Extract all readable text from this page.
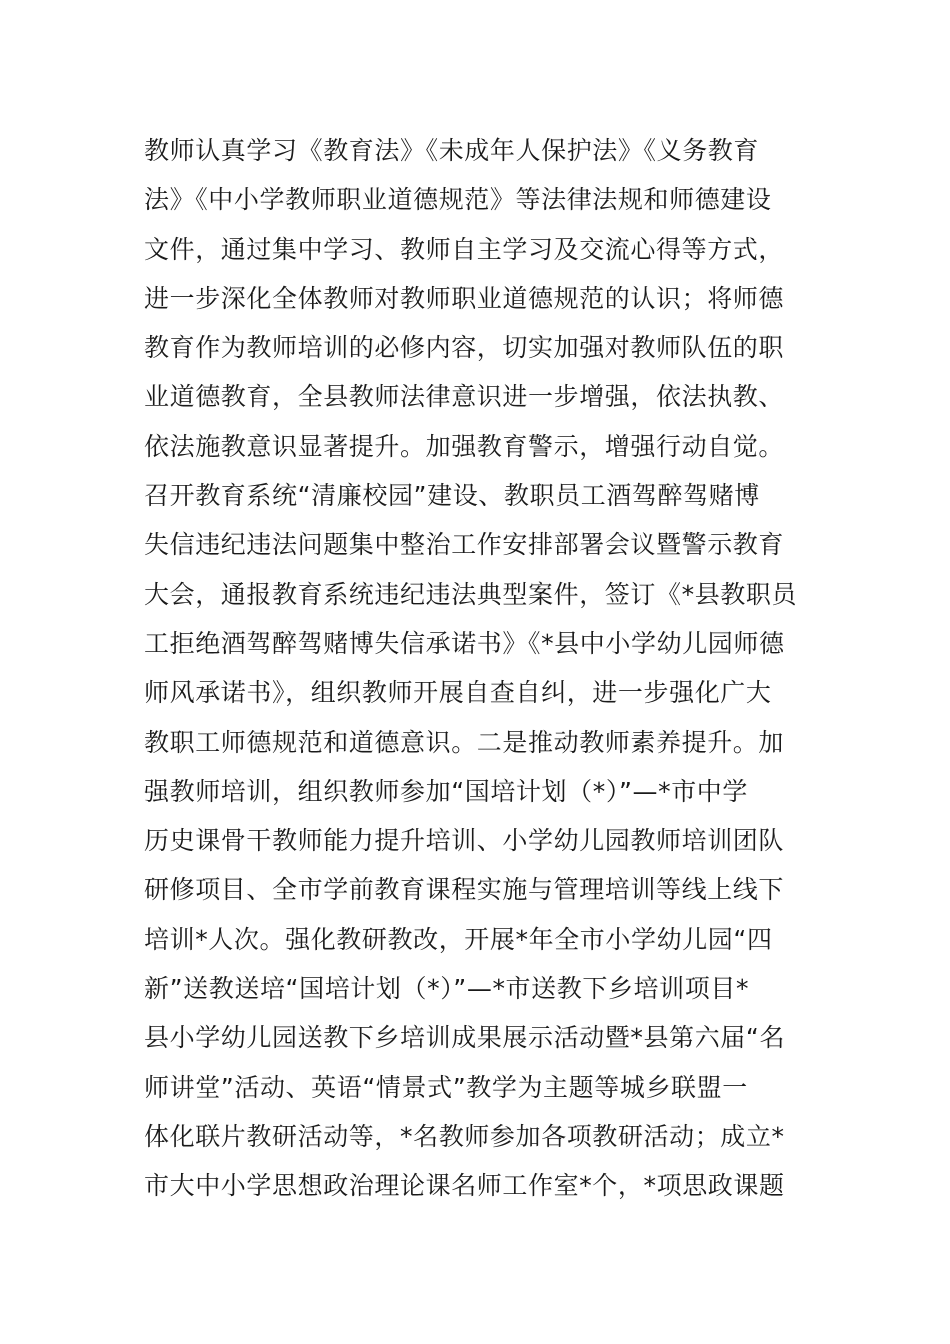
教师认真学习《教育法》《未成年人保护法》《义务教育
法》《中小学教师职业道德规范》等法律法规和师德建设
文件，通过集中学习、教师自主学习及交流心得等方式，
进一步深化全体教师对教师职业道德规范的认识；将师德
教育作为教师培训的必修内容，切实加强对教师队伍的职
业道德教育，全县教师法律意识进一步增强，依法执教、
依法施教意识显著提升。加强教育警示，增强行动自觉。
召开教育系统“清廉校园”建设、教职员工酒驾醉驾赌博
失信违纪违法问题集中整治工作安排部署会议暨警示教育
大会，通报教育系统违纪违法典型案件，签订《*县教职员
工拒绝酒驾醉驾赌博失信承诺书》《*县中小学幼儿园师德
师风承诺书》，组织教师开展自查自纠，进一步强化广大
教职工师德规范和道德意识。二是推动教师素养提升。加
强教师培训，组织教师参加“国培计划（*）”—*市中学
历史课骨干教师能力提升培训、小学幼儿园教师培训团队
研修项目、全市学前教育课程实施与管理培训等线上线下
培训*人次。强化教研教改，开展*年全市小学幼儿园“四
新”送教送培“国培计划（*）”—*市送教下乡培训项目*
县小学幼儿园送教下乡培训成果展示活动暨*县第六届“名
师讲堂”活动、英语“情景式”教学为主题等城乡联盟一
体化联片教研活动等，*名教师参加各项教研活动；成立*
市大中小学思想政治理论课名师工作室*个，*项思政课题
